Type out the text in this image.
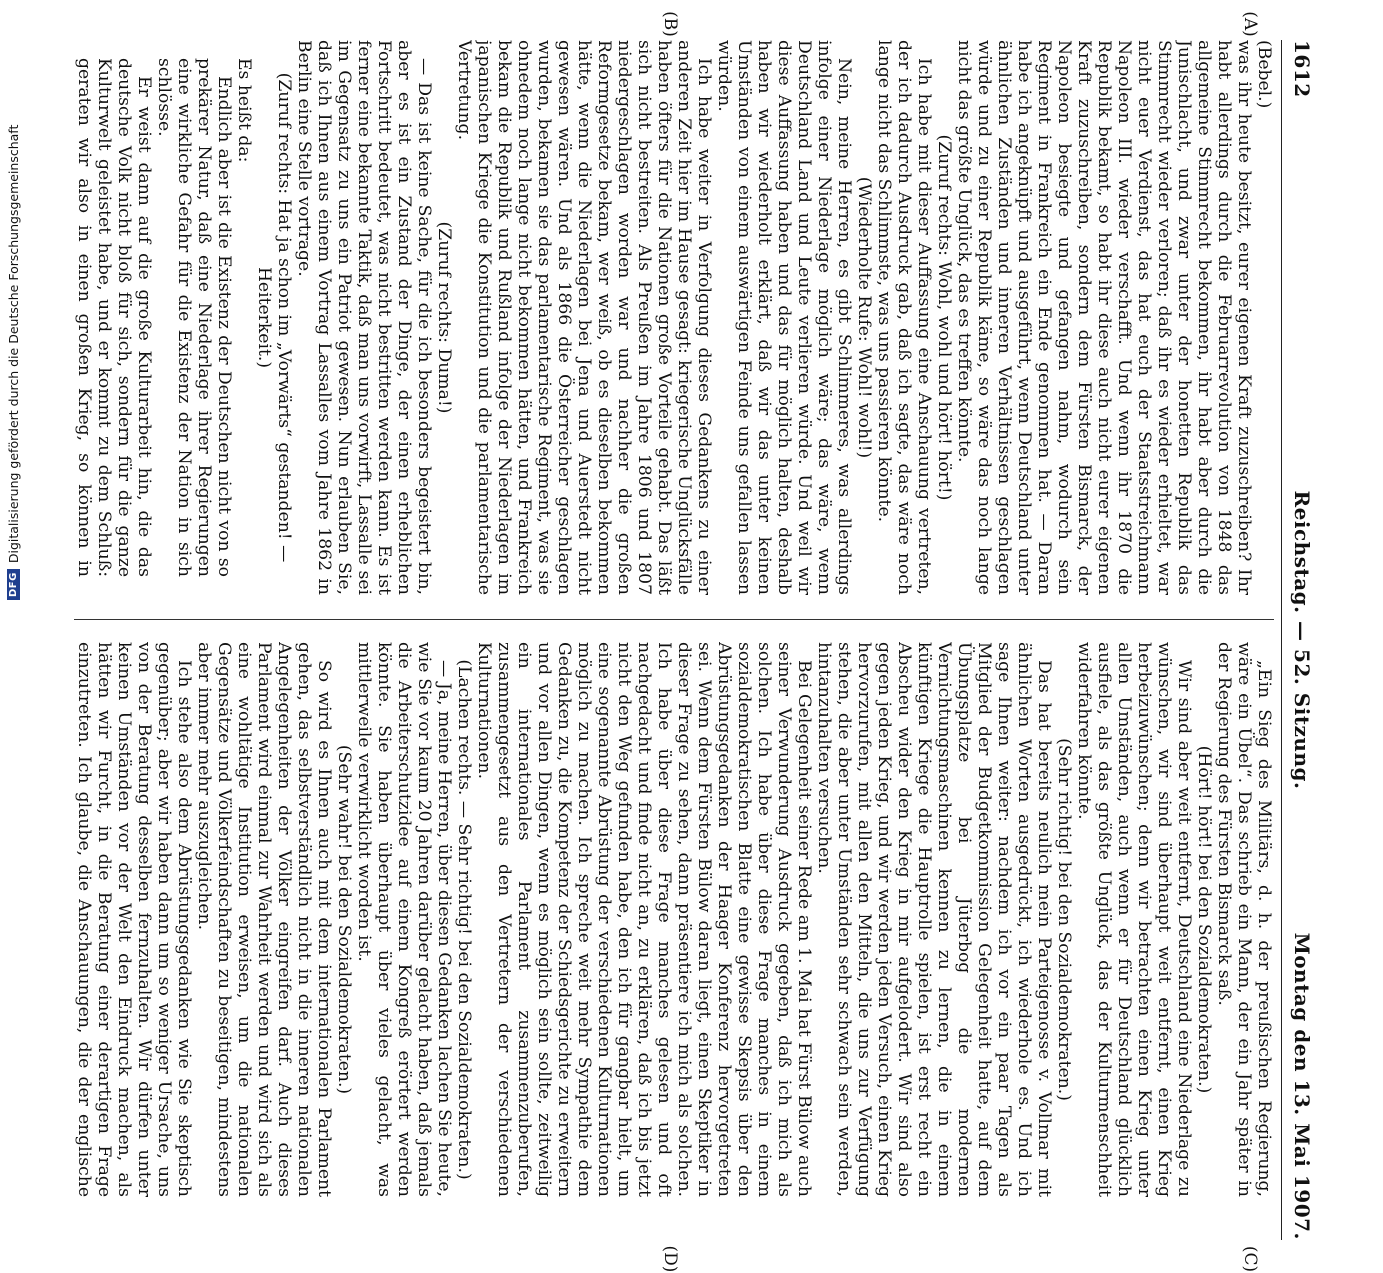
1612
Reichstag. — 52. Sitzung.
Montag den 13. Mai 1907.
(A)
(B)
(C)
(D)

(Bebel.)

was ihr heute besitzt, eurer eigenen Kraft zuzuschreiben? Ihr habt allerdings durch die Februarrevolution von 1848 das allgemeine Stimmrecht bekommen, ihr habt aber durch die Junischlacht, und zwar unter der honetten Republik das Stimmrecht wieder verloren; daß ihr es wieder erhieltet, war nicht euer Verdienst, das hat euch der Staatsstreichmann Napoleon III. wieder verschafft. Und wenn ihr 1870 die Republik bekamt, so habt ihr diese auch nicht eurer eigenen Kraft zuzuschreiben, sondern dem Fürsten Bismarck, der Napoleon besiegte und gefangen nahm, wodurch sein Regiment in Frankreich ein Ende genommen hat. — Daran habe ich angeknüpft und ausgeführt, wenn Deutschland unter ähnlichen Zuständen und inneren Verhältnissen geschlagen würde und zu einer Republik käme, so wäre das noch lange nicht das größte Unglück, das es treffen könnte.

(Zuruf rechts: Wohl, wohl und hört! hört!)

Ich habe mit dieser Auffassung eine Anschauung vertreten, der ich dadurch Ausdruck gab, daß ich sagte, das wäre noch lange nicht das Schlimmste, was uns passieren könnte.

(Wiederholte Rufe: Wohl! wohl!)

Nein, meine Herren, es gibt Schlimmeres, was allerdings infolge einer Niederlage möglich wäre; das wäre, wenn Deutschland Land und Leute verlieren würde. Und weil wir diese Auffassung haben und das für möglich halten, deshalb haben wir wiederholt erklärt, daß wir das unter keinen Umständen von einem auswärtigen Feinde uns gefallen lassen würden.

Ich habe weiter in Verfolgung dieses Gedankens zu einer anderen Zeit hier im Hause gesagt: kriegerische Unglücksfälle haben öfters für die Nationen große Vorteile gehabt. Das läßt sich nicht bestreiten. Als Preußen im Jahre 1806 und 1807 niedergeschlagen worden war und nachher die großen Reformgesetze bekam, wer weiß, ob es dieselben bekommen hätte, wenn die Niederlagen bei Jena und Auerstedt nicht gewesen wären. Und als 1866 die Österreicher geschlagen wurden, bekamen sie das parlamentarische Regiment, was sie ohnedem noch lange nicht bekommen hätten, und Frankreich bekam die Republik und Rußland infolge der Niederlagen im japanischen Kriege die Konstitution und die parlamentarische Vertretung.

(Zuruf rechts: Duma!)

— Das ist keine Sache, für die ich besonders begeistert bin, aber es ist ein Zustand der Dinge, der einen erheblichen Fortschritt bedeutet, was nicht bestritten werden kann. Es ist ferner eine bekannte Taktik, daß man uns vorwirft, Lassalle sei im Gegensatz zu uns ein Patriot gewesen. Nun erlauben Sie, daß ich Ihnen aus einem Vortrag Lassalles vom Jahre 1862 in Berlin eine Stelle vortrage.

(Zuruf rechts: Hat ja schon im „Vorwärts“ gestanden! — Heiterkeit.)

Es heißt da:

Endlich aber ist die Existenz der Deutschen nicht von so prekärer Natur, daß eine Niederlage ihrer Regierungen eine wirkliche Gefahr für die Existenz der Nation in sich schlösse.

Er weist dann auf die große Kulturarbeit hin, die das deutsche Volk nicht bloß für sich, sondern für die ganze Kulturwelt geleistet habe, und er kommt zu dem Schluß: geraten wir also in einen großen Krieg, so können in

„Ein Sieg des Militärs, d. h. der preußischen Regierung, wäre ein Übel“. Das schrieb ein Mann, der ein Jahr später in der Regierung des Fürsten Bismarck saß.

(Hört! hört! bei den Sozialdemokraten.)

Wir sind aber weit entfernt, Deutschland eine Niederlage zu wünschen, wir sind überhaupt weit entfernt, einen Krieg herbeizuwünschen; denn wir betrachten einen Krieg unter allen Umständen, auch wenn er für Deutschland glücklich ausfiele, als das größte Unglück, das der Kulturmenschheit widerfahren könnte.

(Sehr richtig! bei den Sozialdemokraten.)

Das hat bereits neulich mein Parteigenosse v. Vollmar mit ähnlichen Worten ausgedrückt, ich wiederhole es. Und ich sage Ihnen weiter: nachdem ich vor ein paar Tagen als Mitglied der Budgetkommission Gelegenheit hatte, auf dem Übungsplatze bei Jüterbog die modernen Vernichtungsmaschinen kennen zu lernen, die in einem künftigen Kriege die Hauptrolle spielen, ist erst recht ein Abscheu wider den Krieg in mir aufgelodert. Wir sind also gegen jeden Krieg, und wir werden jeden Versuch, einen Krieg hervorzurufen, mit allen den Mitteln, die uns zur Verfügung stehen, die aber unter Umständen sehr schwach sein werden, hintanzuhalten versuchen.

Bei Gelegenheit seiner Rede am 1. Mai hat Fürst Bülow auch seiner Verwunderung Ausdruck gegeben, daß ich mich als solchen. Ich habe über diese Frage manches in einem sozialdemokratischen Blatte eine gewisse Skepsis über den Abrüstungsgedanken der Haager Konferenz hervorgetreten sei. Wenn dem Fürsten Bülow daran liegt, einen Skeptiker in dieser Frage zu sehen, dann präsentiere ich mich als solchen. Ich habe über diese Frage manches gelesen und oft nachgedacht und finde nicht an, zu erklären, daß ich bis jetzt nicht den Weg gefunden habe, den ich für gangbar hielt, um eine sogenannte Abrüstung der verschiedenen Kulturnationen möglich zu machen. Ich spreche weit mehr Sympathie dem Gedanken zu, die Kompetenz der Schiedsgerichte zu erweitern und vor allen Dingen, wenn es möglich sein sollte, zeitweilig ein internationales Parlament zusammenzuberufen, zusammengesetzt aus den Vertretern der verschiedenen Kulturnationen.

(Lachen rechts. — Sehr richtig! bei den Sozialdemokraten.)

— Ja, meine Herren, über diesen Gedanken lachen Sie heute, wie Sie vor kaum 20 Jahren darüber gelacht haben, daß jemals die Arbeiterschutzidee auf einem Kongreß erörtert werden könnte. Sie haben überhaupt über vieles gelacht, was mittlerweile verwirklicht worden ist.

(Sehr wahr! bei den Sozialdemokraten.)

So wird es Ihnen auch mit dem internationalen Parlament gehen, das selbstverständlich nicht in die inneren nationalen Angelegenheiten der Völker eingreifen darf. Auch dieses Parlament wird einmal zur Wahrheit werden und wird sich als eine wohltätige Institution erweisen, um die nationalen Gegensätze und Völkerfeindschaften zu beseitigen, mindestens aber immer mehr auszugleichen.

Ich stehe also dem Abrüstungsgedanken wie Sie skeptisch gegenüber; aber wir haben dann um so weniger Ursache, uns von der Beratung desselben fernzuhalten. Wir dürfen unter keinen Umständen vor der Welt den Eindruck machen, als hätten wir Furcht, in die Beratung einer derartigen Frage einzutreten. Ich glaube, die Anschauungen, die der englische

DFG
Digitalisierung gefördert durch die Deutsche Forschungsgemeinschaft
